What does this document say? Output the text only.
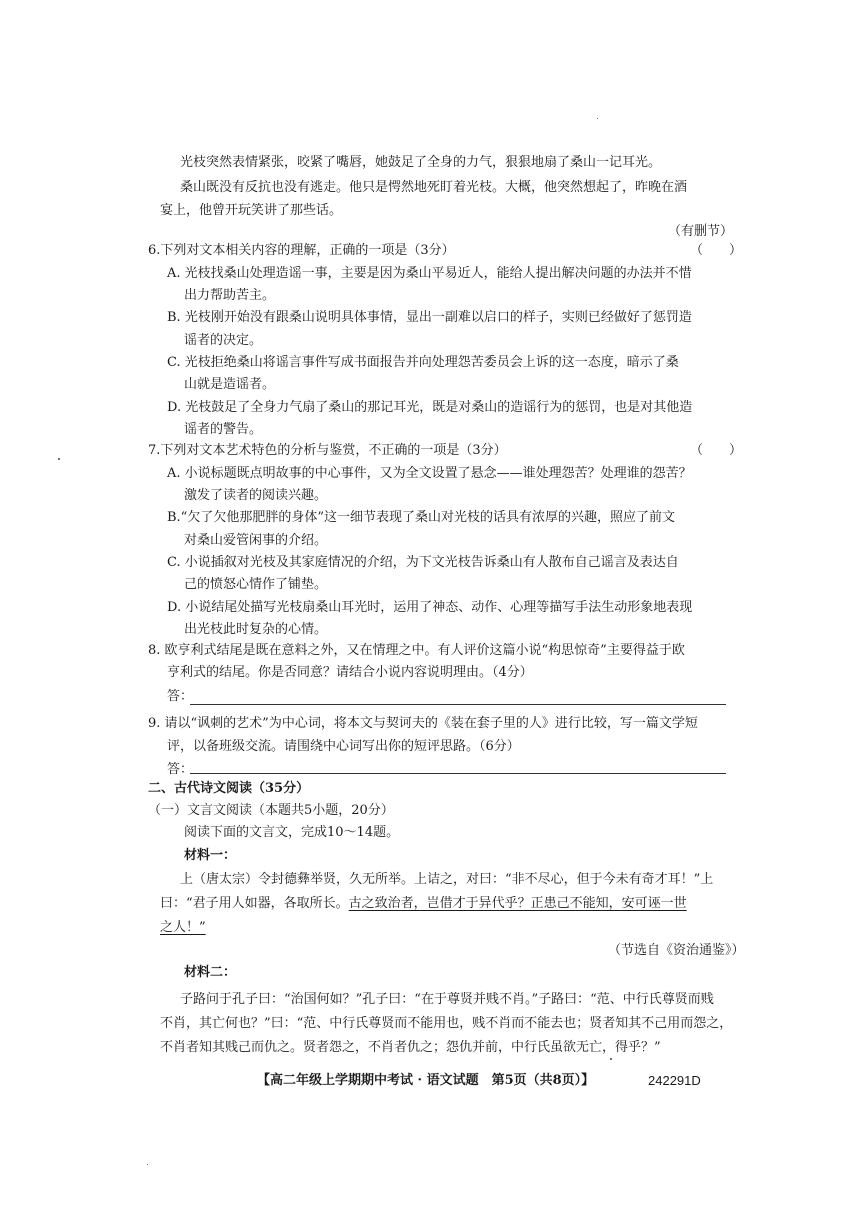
光枝突然表情紧张，咬紧了嘴唇，她鼓足了全身的力气，狠狠地扇了桑山一记耳光。
桑山既没有反抗也没有逃走。他只是愕然地死盯着光枝。大概，他突然想起了，昨晚在酒
宴上，他曾开玩笑讲了那些话。
（有删节）
6.下列对文本相关内容的理解，正确的一项是（3分）	（　　）
A. 光枝找桑山处理造谣一事，主要是因为桑山平易近人，能给人提出解决问题的办法并不惜
出力帮助苦主。
B. 光枝刚开始没有跟桑山说明具体事情，显出一副难以启口的样子，实则已经做好了惩罚造
谣者的决定。
C. 光枝拒绝桑山将谣言事件写成书面报告并向处理怨苦委员会上诉的这一态度，暗示了桑
山就是造谣者。
D. 光枝鼓足了全身力气扇了桑山的那记耳光，既是对桑山的造谣行为的惩罚，也是对其他造
谣者的警告。
7.下列对文本艺术特色的分析与鉴赏，不正确的一项是（3分）	（　　）
A. 小说标题既点明故事的中心事件，又为全文设置了悬念——谁处理怨苦？处理谁的怨苦？
激发了读者的阅读兴趣。
B.“欠了欠他那肥胖的身体”这一细节表现了桑山对光枝的话具有浓厚的兴趣，照应了前文
对桑山爱管闲事的介绍。
C. 小说插叙对光枝及其家庭情况的介绍，为下文光枝告诉桑山有人散布自己谣言及表达自
己的愤怒心情作了铺垫。
D. 小说结尾处描写光枝扇桑山耳光时，运用了神态、动作、心理等描写手法生动形象地表现
出光枝此时复杂的心情。
8. 欧亨利式结尾是既在意料之外，又在情理之中。有人评价这篇小说“构思惊奇”主要得益于欧
亨利式的结尾。你是否同意？请结合小说内容说明理由。（4分）
答：
9. 请以“讽刺的艺术”为中心词，将本文与契诃夫的《装在套子里的人》进行比较，写一篇文学短
评，以备班级交流。请围绕中心词写出你的短评思路。（6分）
答：
二、古代诗文阅读（35分）
（一）文言文阅读（本题共5小题，20分）
阅读下面的文言文，完成10～14题。
材料一：
上（唐太宗）令封德彝举贤，久无所举。上诘之，对曰：“非不尽心，但于今未有奇才耳！”上
曰：“君子用人如器，各取所长。古之致治者，岂借才于异代乎？正患己不能知，安可诬一世
之人！”
（节选自《资治通鉴》）
材料二：
子路问于孔子曰：“治国何如？”孔子曰：“在于尊贤并贱不肖。”子路曰：“范、中行氏尊贤而贱
不肖，其亡何也？”曰：“范、中行氏尊贤而不能用也，贱不肖而不能去也；贤者知其不己用而怨之，
不肖者知其贱己而仇之。贤者怨之，不肖者仇之；怨仇并前，中行氏虽欲无亡，得乎？”
【高二年级上学期期中考试 · 语文试题　第5页（共8页）】	242291D
